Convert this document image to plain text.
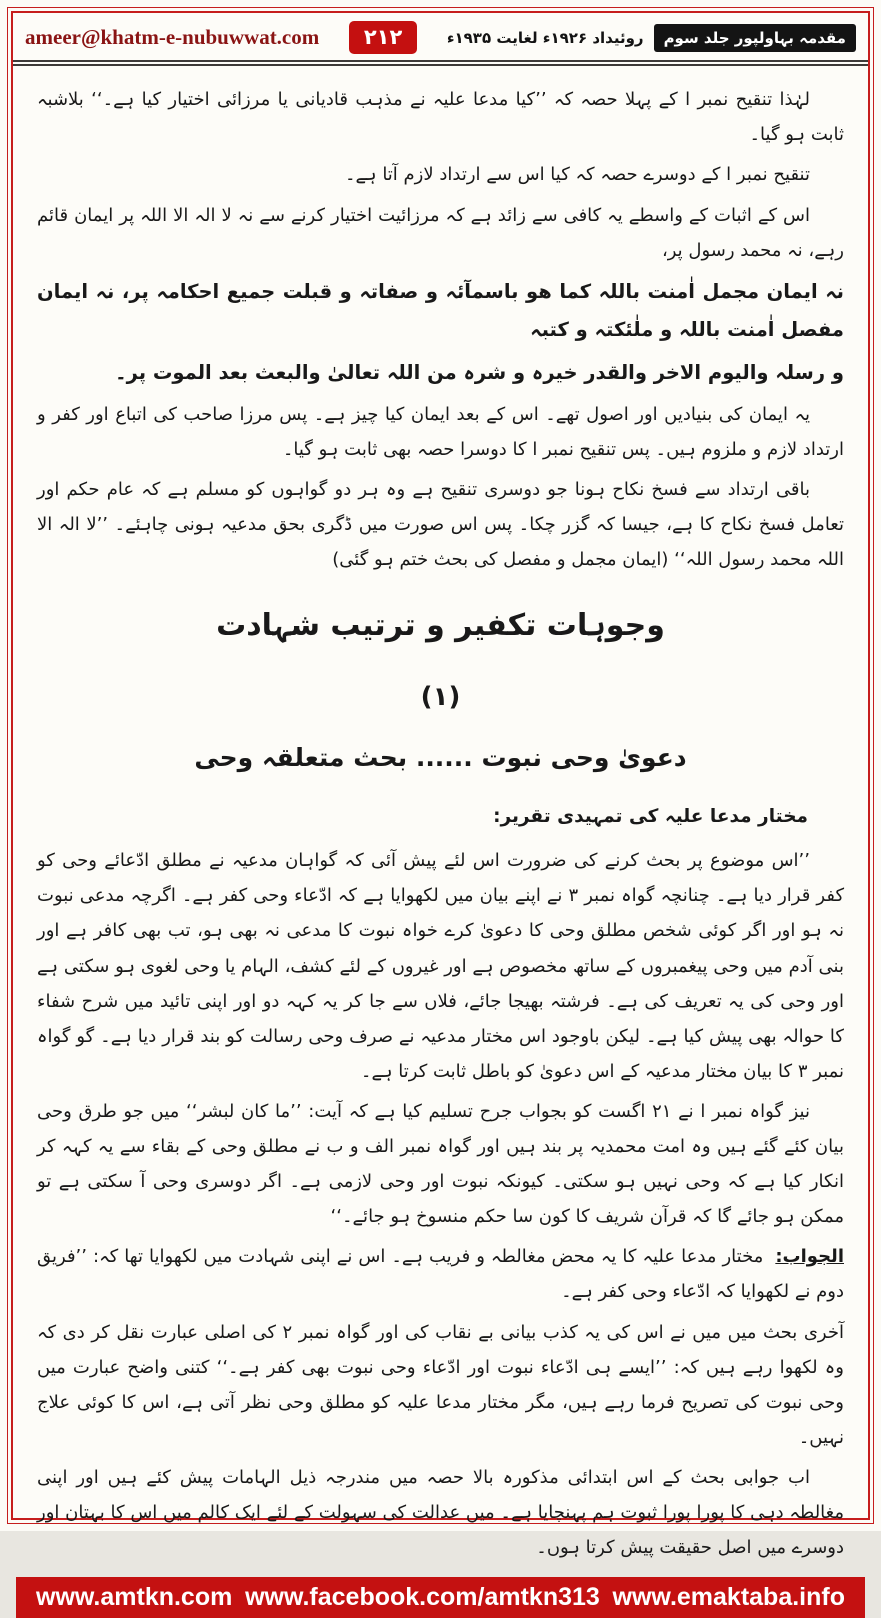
ameer@khatm-e-nubuwwat.com	٢١٢	روئیداد ۱۹۲۶ء لغایت ۱۹۳۵ء	مقدمہ بہاولپور جلد سوم

لہٰذا تنقیح نمبر ا کے پہلا حصہ کہ ’’کیا مدعا علیہ نے مذہب قادیانی یا مرزائی اختیار کیا ہے۔‘‘ بلاشبہ ثابت ہو گیا۔

تنقیح نمبر ا کے دوسرے حصہ کہ کیا اس سے ارتداد لازم آتا ہے۔

اس کے اثبات کے واسطے یہ کافی سے زائد ہے کہ مرزائیت اختیار کرنے سے نہ لا الہ الا اللہ پر ایمان قائم رہے، نہ محمد رسول پر،

نہ ایمان مجمل اٰمنت باللہ کما ھو باسمآئہ و صفاتہ و قبلت جمیع احکامہ پر، نہ ایمان مفصل اٰمنت باللہ و ملٰئکتہ و کتبہ

و رسلہ والیوم الاخر والقدر خیرہ و شرہ من اللہ تعالیٰ والبعث بعد الموت پر۔

یہ ایمان کی بنیادیں اور اصول تھے۔ اس کے بعد ایمان کیا چیز ہے۔ پس مرزا صاحب کی اتباع اور کفر و ارتداد لازم و ملزوم ہیں۔ پس تنقیح نمبر ا کا دوسرا حصہ بھی ثابت ہو گیا۔

باقی ارتداد سے فسخ نکاح ہونا جو دوسری تنقیح ہے وہ ہر دو گواہوں کو مسلم ہے کہ عام حکم اور تعامل فسخ نکاح کا ہے، جیسا کہ گزر چکا۔ پس اس صورت میں ڈگری بحق مدعیہ ہونی چاہئے۔ ’’لا الہ الا اللہ محمد رسول اللہ‘‘ (ایمان مجمل و مفصل کی بحث ختم ہو گئی)

وجوہات تکفیر و ترتیب شہادت

(۱)

دعویٰ وحی نبوت ...... بحث متعلقہ وحی

مختار مدعا علیہ کی تمہیدی تقریر:

’’اس موضوع پر بحث کرنے کی ضرورت اس لئے پیش آئی کہ گواہان مدعیہ نے مطلق ادّعائے وحی کو کفر قرار دیا ہے۔ چنانچہ گواہ نمبر ۳ نے اپنے بیان میں لکھوایا ہے کہ ادّعاء وحی کفر ہے۔ اگرچہ مدعی نبوت نہ ہو اور اگر کوئی شخص مطلق وحی کا دعویٰ کرے خواہ نبوت کا مدعی نہ بھی ہو، تب بھی کافر ہے اور بنی آدم میں وحی پیغمبروں کے ساتھ مخصوص ہے اور غیروں کے لئے کشف، الہام یا وحی لغوی ہو سکتی ہے اور وحی کی یہ تعریف کی ہے۔ فرشتہ بھیجا جائے، فلاں سے جا کر یہ کہہ دو اور اپنی تائید میں شرح شفاء کا حوالہ بھی پیش کیا ہے۔ لیکن باوجود اس مختار مدعیہ نے صرف وحی رسالت کو بند قرار دیا ہے۔ گو گواہ نمبر ۳ کا بیان مختار مدعیہ کے اس دعویٰ کو باطل ثابت کرتا ہے۔

نیز گواہ نمبر ا نے ۲۱ اگست کو بجواب جرح تسلیم کیا ہے کہ آیت: ’’ما کان لبشر‘‘ میں جو طرق وحی بیان کئے گئے ہیں وہ امت محمدیہ پر بند ہیں اور گواہ نمبر الف و ب نے مطلق وحی کے بقاء سے یہ کہہ کر انکار کیا ہے کہ وحی نہیں ہو سکتی۔ کیونکہ نبوت اور وحی لازمی ہے۔ اگر دوسری وحی آ سکتی ہے تو ممکن ہو جائے گا کہ قرآن شریف کا کون سا حکم منسوخ ہو جائے۔‘‘

الجواب:  مختار مدعا علیہ کا یہ محض مغالطہ و فریب ہے۔ اس نے اپنی شہادت میں لکھوایا تھا کہ: ’’فریق دوم نے لکھوایا کہ ادّعاء وحی کفر ہے۔

آخری بحث میں میں نے اس کی یہ کذب بیانی بے نقاب کی اور گواہ نمبر ۲ کی اصلی عبارت نقل کر دی کہ وہ لکھوا رہے ہیں کہ: ’’ایسے ہی ادّعاء نبوت اور ادّعاء وحی نبوت بھی کفر ہے۔‘‘ کتنی واضح عبارت میں وحی نبوت کی تصریح فرما رہے ہیں، مگر مختار مدعا علیہ کو مطلق وحی نظر آتی ہے، اس کا کوئی علاج نہیں۔

اب جوابی بحث کے اس ابتدائی مذکورہ بالا حصہ میں مندرجہ ذیل الہامات پیش کئے ہیں اور اپنی مغالطہ دہی کا پورا پورا ثبوت ہم پہنچایا ہے۔ میں عدالت کی سہولت کے لئے ایک کالم میں اس کا بہتان اور دوسرے میں اصل حقیقت پیش کرتا ہوں۔

www.amtkn.com www.facebook.com/amtkn313 www.emaktaba.info
